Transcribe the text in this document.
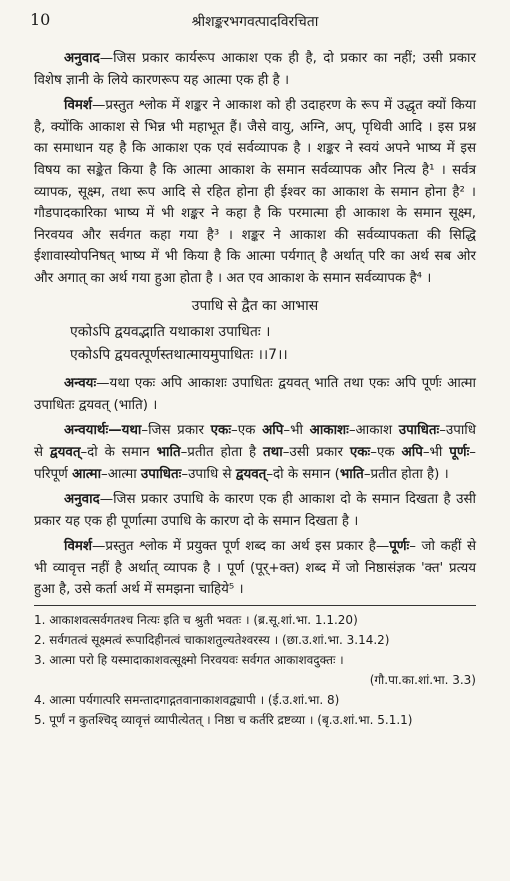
10	श्रीशङ्करभगवत्पादविरचिता

अनुवाद—जिस प्रकार कार्यरूप आकाश एक ही है, दो प्रकार का नहीं; उसी प्रकार विशेष ज्ञानी के लिये कारणरूप यह आत्मा एक ही है ।

विमर्श—प्रस्तुत श्लोक में शङ्कर ने आकाश को ही उदाहरण के रूप में उद्धृत क्यों किया है, क्योंकि आकाश से भिन्न भी महाभूत हैं। जैसे वायु, अग्नि, अप्, पृथिवी आदि । इस प्रश्न का समाधान यह है कि आकाश एक एवं सर्वव्यापक है । शङ्कर ने स्वयं अपने भाष्य में इस विषय का सङ्केत किया है कि आत्मा आकाश के समान सर्वव्यापक और नित्य है¹ । सर्वत्र व्यापक, सूक्ष्म, तथा रूप आदि से रहित होना ही ईश्वर का आकाश के समान होना है² । गौडपादकारिका भाष्य में भी शङ्कर ने कहा है कि परमात्मा ही आकाश के समान सूक्ष्म, निरवयव और सर्वगत कहा गया है³ । शङ्कर ने आकाश की सर्वव्यापकता की सिद्धि ईशावास्योपनिषत् भाष्य में भी किया है कि आत्मा पर्यगात् है अर्थात् परि का अर्थ सब ओर और अगात् का अर्थ गया हुआ होता है । अत एव आकाश के समान सर्वव्यापक है⁴ ।

उपाधि से द्वैत का आभास
एकोऽपि द्वयवद्भाति यथाकाश उपाधितः ।
एकोऽपि द्वयवत्पूर्णस्तथात्मायमुपाधितः ।।7।।

अन्वयः—यथा एकः अपि आकाशः उपाधितः द्वयवत् भाति तथा एकः अपि पूर्णः आत्मा उपाधितः द्वयवत् (भाति) ।

अन्वयार्थः—यथा–जिस प्रकार एकः–एक अपि–भी आकाशः–आकाश उपाधितः–उपाधि से द्वयवत्–दो के समान भाति–प्रतीत होता है तथा–उसी प्रकार एकः–एक अपि–भी पूर्णः–परिपूर्ण आत्मा–आत्मा उपाधितः–उपाधि से द्वयवत्–दो के समान (भाति–प्रतीत होता है) ।

अनुवाद—जिस प्रकार उपाधि के कारण एक ही आकाश दो के समान दिखता है उसी प्रकार यह एक ही पूर्णात्मा उपाधि के कारण दो के समान दिखता है ।

विमर्श—प्रस्तुत श्लोक में प्रयुक्त पूर्ण शब्द का अर्थ इस प्रकार है—पूर्णः– जो कहीं से भी व्यावृत्त नहीं है अर्थात् व्यापक है । पूर्ण (पूर्+क्त) शब्द में जो निष्ठासंज्ञक 'क्त' प्रत्यय हुआ है, उसे कर्ता अर्थ में समझना चाहिये⁵ ।

1. आकाशवत्सर्वगतश्च नित्यः इति च श्रुती भवतः । (ब्र.सू.शां.भा. 1.1.20)
2. सर्वगतत्वं सूक्ष्मत्वं रूपादिहीनत्वं चाकाशतुल्यतेश्वरस्य । (छा.उ.शां.भा. 3.14.2)
3. आत्मा परो हि यस्मादाकाशवत्सूक्ष्मो निरवयवः सर्वगत आकाशवदुक्तः ।
(गौ.पा.का.शां.भा. 3.3)
4. आत्मा पर्यगात्परि समन्तादगाद्गतवानाकाशवद्व्यापी । (ई.उ.शां.भा. 8)
5. पूर्णं न कुतश्चिद् व्यावृत्तं व्यापीत्येतत् । निष्ठा च कर्तरि द्रष्टव्या । (बृ.उ.शां.भा. 5.1.1)
